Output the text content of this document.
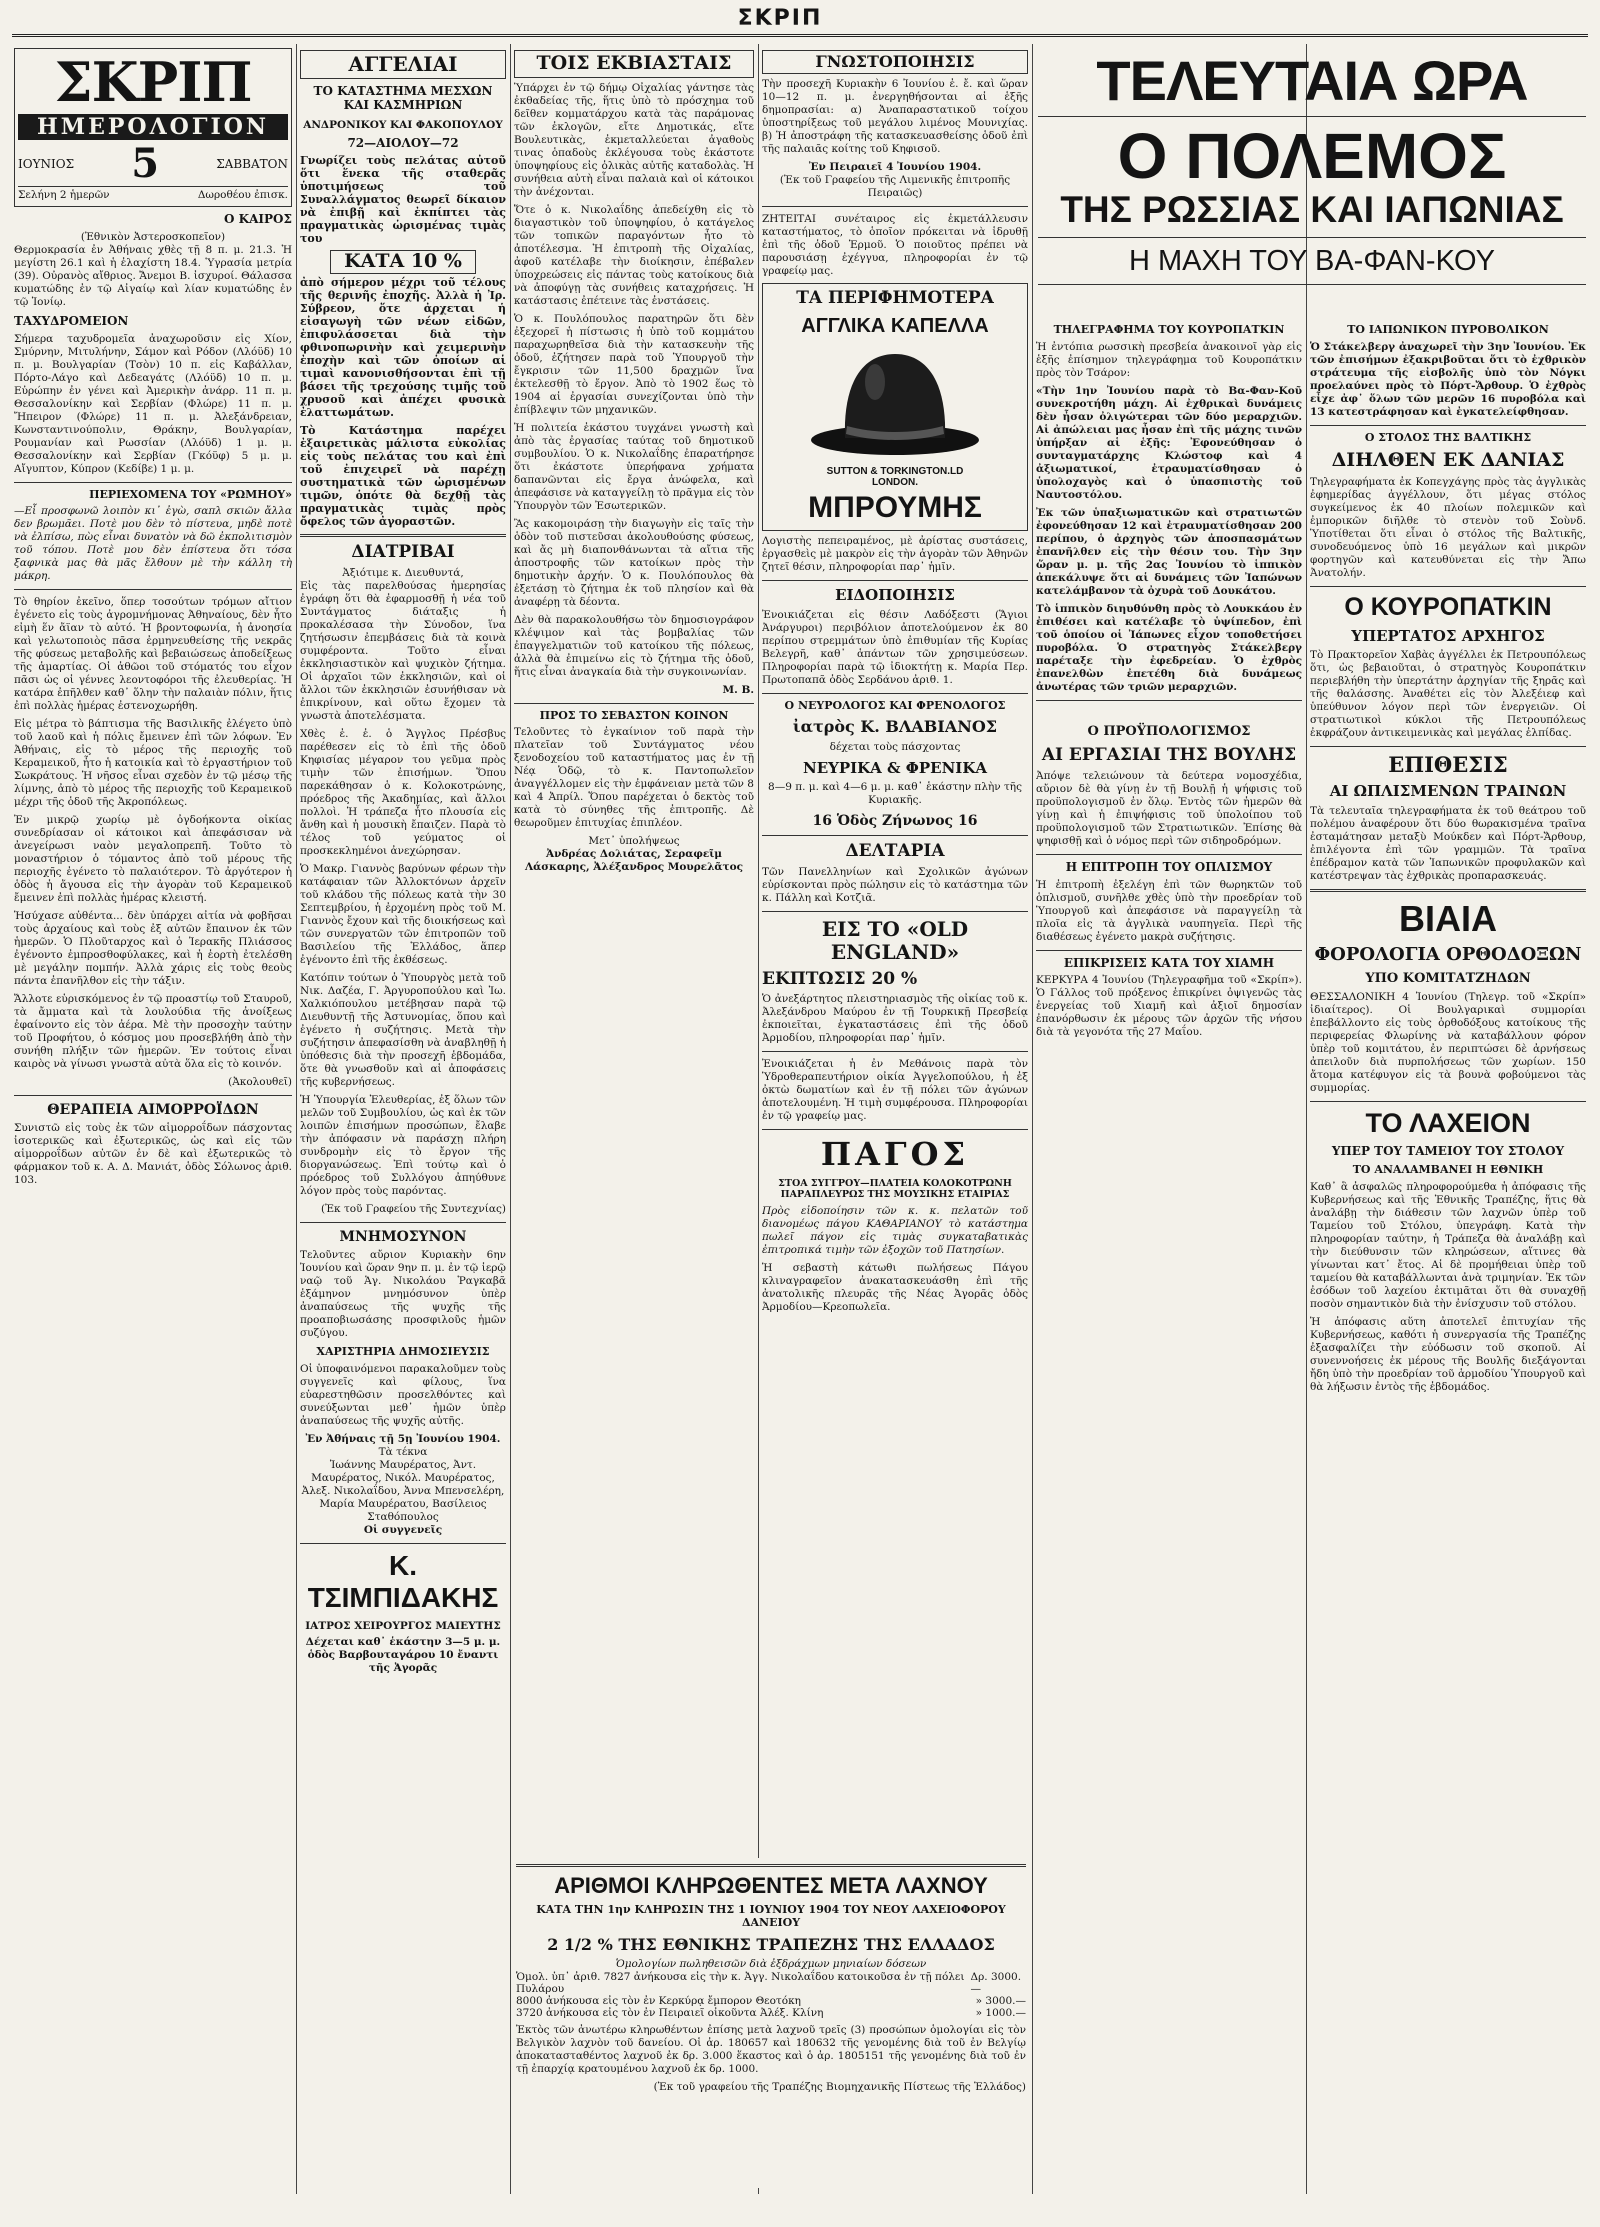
ΣΚΡΙΠ
ΣΚΡΙΠ
ΗΜΕΡΟΛΟΓΙΟΝ
ΙΟΥΝΙΟΣ 5	ΣΑΒΒΑΤΟΝ
Σελήνη 2 ἡμερῶν	Δωροθέου ἐπισκ.
Ο ΚΑΙΡΟΣ

(Ἐθνικὸν Ἀστεροσκοπεῖον)

Θερμοκρασία ἐν Ἀθήναις χθὲς τῇ 8 π. μ. 21.3. Ἡ μεγίστη 26.1 καὶ ἡ ἐλαχίστη 18.4. Ὑγρασία μετρία (39). Οὐρανὸς αἴθριος. Ἄνεμοι Β. ἰσχυροί. Θάλασσα κυματώδης ἐν τῷ Αἰγαίῳ καὶ λίαν κυματώδης ἐν τῷ Ἰονίῳ.

ΤΑΧΥΔΡΟΜΕΙΟΝ

Σήμερα ταχυδρομεῖα ἀναχωροῦσιν εἰς Χίον, Σμύρνην, Μιτυλήνην, Σάμον καὶ Ρόδον (Λλόϋδ) 10 π. μ. Βουλγαρίαν (Τσὸν) 10 π. εἰς Καβάλλαν, Πόρτο-Λάγο καὶ Δεδεαγάτς (Λλόϋδ) 10 π. μ. Εὐρώπην ἐν γένει καὶ Ἀμερικὴν ἀνάρρ. 11 π. μ. Θεσσαλονίκην καὶ Σερβίαν (Φλώρε) 11 π. μ. Ἤπειρον (Φλώρε) 11 π. μ. Ἀλεξάνδρειαν, Κωνσταντινούπολιν, Θράκην, Βουλγαρίαν, Ρουμανίαν καὶ Ρωσσίαν (Λλόϋδ) 1 μ. μ. Θεσσαλονίκην καὶ Σερβίαν (Γκόϋφ) 5 μ. μ. Αἴγυπτον, Κύπρον (Κεδίβε) 1 μ. μ.

ΠΕΡΙΕΧΟΜΕΝΑ ΤΟΥ «ΡΩΜΗΟΥ»

—Εἶ προσφωνῶ λοιπὸν κι᾽ ἐγὼ, σαπλ σκιῶν ἄλλα δεν βρωμᾶει. Ποτὲ μου δὲν τὸ πίστευα, μηδὲ ποτὲ νὰ ἐλπίσω, πὼς εἶναι δυνατὸν νὰ δῶ ἐκπολιτισμὸν τοῦ τόπου. Ποτὲ μου δὲν ἐπίστευα ὅτι τόσα ξαφνικὰ μας θὰ μᾶς ἔλθουν μὲ τὴν κάλλη τὴ μάκρη.

Τὸ θηρίον ἐκεῖνο, ὅπερ τοσούτων τρόμων αἴτιον ἐγένετο εἰς τοὺς ἀγρομνήμονας Ἀθηναίους, δὲν ἦτο εἰμὴ ἕν ἄϊαν τὸ αὐτό. Ἡ βροντοφωνία, ἡ ἀνοησία καὶ γελωτοποιὸς πᾶσα ἐρμηνευθείσης τῆς νεκρᾶς τῆς φύσεως μεταβολῆς καὶ βεβαιώσεως ἀποδείξεως τῆς ἁμαρτίας. Οἱ ἀθῶοι τοῦ στόματός του εἶχον πᾶσι ὡς οἱ γέννες λεοντοφόροι τῆς ἐλευθερίας. Ἡ κατάρα ἐπῆλθεν καθ᾽ ὅλην τὴν παλαιὰν πόλιν, ἥτις ἐπὶ πολλὰς ἡμέρας ἐστενοχωρήθη.

Εἰς μέτρα τὸ βάπτισμα τῆς Βασιλικῆς ἐλέγετο ὑπὸ τοῦ λαοῦ καὶ ἡ πόλις ἔμεινεν ἐπὶ τῶν λόφων. Ἐν Ἀθήναις, εἰς τὸ μέρος τῆς περιοχῆς τοῦ Κεραμεικοῦ, ἦτο ἡ κατοικία καὶ τὸ ἐργαστήριον τοῦ Σωκράτους. Ἡ νῆσος εἶναι σχεδὸν ἐν τῷ μέσῳ τῆς λίμνης, ἀπὸ τὸ μέρος τῆς περιοχῆς τοῦ Κεραμεικοῦ μέχρι τῆς ὁδοῦ τῆς Ἀκροπόλεως.

Ἐν μικρῷ χωρίῳ μὲ ὀγδοήκοντα οἰκίας συνεδρίασαν οἱ κάτοικοι καὶ ἀπεφάσισαν νὰ ἀνεγείρωσι ναὸν μεγαλοπρεπῆ. Τοῦτο τὸ μοναστήριον ὁ τόμαντος ἀπὸ τοῦ μέρους τῆς περιοχῆς ἐγένετο τὸ παλαιότερον. Τὸ ἀργότερον ἡ ὁδὸς ἡ ἄγουσα εἰς τὴν ἀγορὰν τοῦ Κεραμεικοῦ ἔμεινεν ἐπὶ πολλὰς ἡμέρας κλειστή.

Ἡσύχασε αὐθέντα... δὲν ὑπάρχει αἰτία νὰ φοβῆσαι τοὺς ἀρχαίους καὶ τοὺς ἐξ αὐτῶν ἔπαινον ἐκ τῶν ἡμερῶν. Ὁ Πλοῦταρχος καὶ ὁ Ἰερακῆς Πλιάσσος ἐγένοντο ἐμπροσθοφύλακες, καὶ ἡ ἑορτὴ ἐτελέσθη μὲ μεγάλην πομπήν. Ἀλλὰ χάρις εἰς τοὺς θεοὺς πάντα ἐπανῆλθον εἰς τὴν τάξιν.

Ἄλλοτε εὑρισκόμενος ἐν τῷ προαστίῳ τοῦ Σταυροῦ, τὰ ἄμματα καὶ τὰ λουλούδια τῆς ἀνοίξεως ἐφαίνοντο εἰς τὸν ἀέρα. Μὲ τὴν προσοχὴν ταύτην τοῦ Προφήτου, ὁ κόσμος μου προσεβλήθη ἀπὸ τὴν συνήθη πλήξιν τῶν ἡμερῶν. Ἐν τούτοις εἶναι καιρὸς νὰ γίνωσι γνωστὰ αὐτὰ ὅλα εἰς τὸ κοινόν.

(Ἀκολουθεῖ)

ΘΕΡΑΠΕΙΑ ΑΙΜΟΡΡΟΪΔΩΝ

Συνιστῶ εἰς τοὺς ἐκ τῶν αἱμορροΐδων πάσχοντας ἰσοτερικῶς καὶ ἐξωτερικῶς, ὡς καὶ εἰς τῶν αἱμορροΐδων αὐτῶν ἐν δὲ καὶ ἐξωτερικῶς τὸ φάρμακον τοῦ κ. Α. Δ. Μανιάτ, ὁδὸς Σόλωνος ἀριθ. 103.

ΑΓΓΕΛΙΑΙ
ΤΟ ΚΑΤΑΣΤΗΜΑ ΜΕΣΧΩΝ ΚΑΙ ΚΑΣΜΗΡΙΩΝ
ΑΝΔΡΟΝΙΚΟΥ ΚΑΙ ΦΑΚΟΠΟΥΛΟΥ
72—ΑΙΟΛΟΥ—72

Γνωρίζει τοὺς πελάτας αὐτοῦ ὅτι ἕνεκα τῆς σταθερᾶς ὑποτιμήσεως τοῦ Συναλλάγματος θεωρεῖ δίκαιον νὰ ἐπιβῇ καὶ ἐκπίπτει τὰς πραγματικὰς ὡρισμένας τιμὰς του

ΚΑΤΑ 10 %

ἀπὸ σήμερον μέχρι τοῦ τέλους τῆς θερινῆς ἐποχῆς. Ἀλλὰ ἡ Ἰρ. Σύβρεον, ὅτε ἀρχεται ἡ εἰσαγωγὴ τῶν νέων εἰδῶν, ἐπιφυλάσσεται διὰ τὴν φθινοπωρινὴν καὶ χειμερινὴν ἐποχὴν καὶ τῶν ὁποίων αἱ τιμαὶ κανονισθήσονται ἐπὶ τῇ βάσει τῆς τρεχούσης τιμῆς τοῦ χρυσοῦ καὶ ἀπέχει φυσικὰ ἐλαττωμάτων.

Τὸ Κατάστημα παρέχει ἐξαιρετικὰς μάλιστα εὐκολίας εἰς τοὺς πελάτας του καὶ ἐπὶ τοῦ ἐπιχειρεῖ νὰ παρέχῃ συστηματικὰ τῶν ὡρισμένων τιμῶν, ὁπότε θὰ δεχθῇ τὰς πραγματικὰς τιμὰς πρὸς ὄφελος τῶν ἀγοραστῶν.

ΔΙΑΤΡΙΒΑΙ

Ἀξιότιμε κ. Διευθυντά,

Εἰς τὰς παρελθούσας ἡμερησίας ἐγράφη ὅτι θὰ ἐφαρμοσθῇ ἡ νέα τοῦ Συντάγματος διάταξις ἡ προκαλέσασα τὴν Σύνοδον, ἵνα ζητήσωσιν ἐπεμβάσεις διὰ τὰ κοινὰ συμφέροντα. Τοῦτο εἶναι ἐκκλησιαστικὸν καὶ ψυχικὸν ζήτημα. Οἱ ἀρχαῖοι τῶν ἐκκλησιῶν, καὶ οἱ ἄλλοι τῶν ἐκκλησιῶν ἐσυνήθισαν νὰ ἐπικρίνουν, καὶ οὕτω ἔχομεν τὰ γνωστὰ ἀποτελέσματα.

Χθὲς ἐ. ἐ. ὁ Ἄγγλος Πρέσβυς παρέθεσεν εἰς τὸ ἐπὶ τῆς ὁδοῦ Κηφισίας μέγαρον του γεῦμα πρὸς τιμὴν τῶν ἐπισήμων. Ὅπου παρεκάθησαν ὁ κ. Κολοκοτρώνης, πρόεδρος τῆς Ἀκαδημίας, καὶ ἄλλοι πολλοὶ. Ἡ τράπεζα ἦτο πλουσία εἰς ἄνθη καὶ ἡ μουσικὴ ἔπαιζεν. Παρὰ τὸ τέλος τοῦ γεύματος οἱ προσκεκλημένοι ἀνεχώρησαν.

Ὁ Μακρ. Γιαννὸς βαρύνων φέρων τὴν κατάφαιαν τῶν Ἀλλοκτόνων ἀρχεῖν τοῦ κλάδου τῆς πόλεως κατὰ τὴν 30 Σεπτεμβρίου, ἡ ἐρχομένη πρὸς τοῦ Μ. Γιαννὸς ἔχουν καὶ τῆς διοικήσεως καὶ τῶν συνεργατῶν τῶν ἐπιτροπῶν τοῦ Βασιλείου τῆς Ἑλλάδος, ἅπερ ἐγένοντο ἐπὶ τῆς ἐκθέσεως.

Κατόπιν τούτων ὁ Ὑπουργὸς μετὰ τοῦ Νικ. Δαζέα, Γ. Ἀργυροπούλου καὶ Ἰω. Χαλκιόπουλου μετέβησαν παρὰ τῷ Διευθυντῇ τῆς Ἀστυνομίας, ὅπου καὶ ἐγένετο ἡ συζήτησις. Μετὰ τὴν συζήτησιν ἀπεφασίσθη νὰ ἀναβληθῇ ἡ ὑπόθεσις διὰ τὴν προσεχῆ ἑβδομάδα, ὅτε θὰ γνωσθοῦν καὶ αἱ ἀποφάσεις τῆς κυβερνήσεως.

Ἡ Ὑπουργία Ἐλευθερίας, ἐξ ὅλων τῶν μελῶν τοῦ Συμβουλίου, ὡς καὶ ἐκ τῶν λοιπῶν ἐπισήμων προσώπων, ἔλαβε τὴν ἀπόφασιν νὰ παράσχῃ πλήρη συνδρομὴν εἰς τὸ ἔργον τῆς διοργανώσεως. Ἐπὶ τούτῳ καὶ ὁ πρόεδρος τοῦ Συλλόγου ἀπηύθυνε λόγον πρὸς τοὺς παρόντας.

(Ἐκ τοῦ Γραφείου τῆς Συντεχνίας)

ΜΝΗΜΟΣΥΝΟΝ

Τελοῦντες αὔριον Κυριακὴν 6ην Ἰουνίου καὶ ὥραν 9ην π. μ. ἐν τῷ ἱερῷ ναῷ τοῦ Ἁγ. Νικολάου Ῥαγκαβᾶ ἑξάμηνον μνημόσυνον ὑπὲρ ἀναπαύσεως τῆς ψυχῆς τῆς προαποβιωσάσης προσφιλοῦς ἡμῶν συζύγου.

ΧΑΡΙΣΤΗΡΙΑ ΔΗΜΟΣΙΕΥΣΙΣ

Οἱ ὑποφαινόμενοι παρακαλοῦμεν τοὺς συγγενεῖς καὶ φίλους, ἵνα εὐαρεστηθῶσιν προσελθόντες καὶ συνεύξωνται μεθ᾽ ἡμῶν ὑπὲρ ἀναπαύσεως τῆς ψυχῆς αὐτῆς.

Ἐν Ἀθήναις τῇ 5ῃ Ἰουνίου 1904.

Τὰ τέκνα

Ἰωάννης Μαυρέρατος, Ἀντ. Μαυρέρατος, Νικόλ. Μαυρέρατος, Ἀλεξ. Νικολαΐδου, Ἀννα Μπενσελέρη, Μαρία Μαυρέρατου, Βασίλειος Σταθόπουλος

Οἱ συγγενεῖς

Κ. ΤΣΙΜΠΙΔΑΚΗΣ
ΙΑΤΡΟΣ ΧΕΙΡΟΥΡΓΟΣ ΜΑΙΕΥΤΗΣ

Δέχεται καθ᾽ ἑκάστην 3—5 μ. μ. ὁδὸς Βαρβουταγάρου 10 ἔναντι τῆς Ἀγορᾶς

ΤΟΙΣ ΕΚΒΙΑΣΤΑΙΣ

Ὑπάρχει ἐν τῷ δήμῳ Οἰχαλίας γάντησε τὰς ἐκθαδείας τῆς, ἥτις ὑπὸ τὸ πρόσχημα τοῦ δεῖθεν κομματάρχου κατὰ τὰς παράμονας τῶν ἐκλογῶν, εἴτε Δημοτικάς, εἴτε Βουλευτικὰς, ἐκμεταλλεύεται ἀγαθοὺς τινας ὁπαδοὺς ἐκλέγουσα τοὺς ἐκάστοτε ὑποψηφίους εἰς ὁλικὰς αὐτῆς καταδολὰς. Ἡ συνήθεια αὐτὴ εἶναι παλαιὰ καὶ οἱ κάτοικοι τὴν ἀνέχονται.

Ὅτε ὁ κ. Νικολαΐδης ἀπεδείχθη εἰς τὸ διαγαστικὸν τοῦ ὑποψηφίου, ὁ κατάγελος τῶν τοπικῶν παραγόντων ἦτο τὸ ἀποτέλεσμα. Ἡ ἐπιτροπὴ τῆς Οἰχαλίας, ἀφοῦ κατέλαβε τὴν διοίκησιν, ἐπέβαλεν ὑποχρεώσεις εἰς πάντας τοὺς κατοίκους διὰ νὰ ἀποφύγῃ τὰς συνήθεις καταχρήσεις. Ἡ κατάστασις ἐπέτεινε τὰς ἐνστάσεις.

Ὁ κ. Πουλόπουλος παρατηρῶν ὅτι δὲν ἐξεχορεῖ ἡ πίστωσις ἡ ὑπὸ τοῦ κομμάτου παραχωρηθεῖσα διὰ τὴν κατασκευὴν τῆς ὁδοῦ, ἐζήτησεν παρὰ τοῦ Ὑπουργοῦ τὴν ἔγκρισιν τῶν 11,500 δραχμῶν ἵνα ἐκτελεσθῇ τὸ ἔργον. Ἀπὸ τὸ 1902 ἕως τὸ 1904 αἱ ἐργασίαι συνεχίζονται ὑπὸ τὴν ἐπίβλεψιν τῶν μηχανικῶν.

Ἡ πολιτεία ἐκάστου τυγχάνει γνωστὴ καὶ ἀπὸ τὰς ἐργασίας ταύτας τοῦ δημοτικοῦ συμβουλίου. Ὁ κ. Νικολαΐδης ἐπαρατήρησε ὅτι ἐκάστοτε ὑπερήφανα χρήματα δαπανῶνται εἰς ἔργα ἀνώφελα, καὶ ἀπεφάσισε νὰ καταγγείλῃ τὸ πρᾶγμα εἰς τὸν Ὑπουργὸν τῶν Ἐσωτερικῶν.

Ἂς κακομοιράσῃ τὴν διαγωγὴν εἰς ταῖς τὴν ὁδὸν τοῦ πιστεῦσαι ἀκολουθούσης φύσεως, καὶ ἄς μὴ διαπονθάνωνται τὰ αἴτια τῆς ἀποστροφῆς τῶν κατοίκων πρὸς τὴν δημοτικὴν ἀρχήν. Ὁ κ. Πουλόπουλος θὰ ἐξετάσῃ τὸ ζήτημα ἐκ τοῦ πλησίον καὶ θὰ ἀναφέρῃ τὰ δέοντα.

Δὲν θὰ παρακολουθήσω τὸν δημοσιογράφον κλέψιμον καὶ τὰς βομβαλίας τῶν ἐπαγγελματιῶν τοῦ κατοίκου τῆς πόλεως, ἀλλὰ θὰ ἐπιμείνω εἰς τὸ ζήτημα τῆς ὁδοῦ, ἥτις εἶναι ἀναγκαία διὰ τὴν συγκοινωνίαν.

Μ. Β.

ΠΡΟΣ ΤΟ ΣΕΒΑΣΤΟΝ ΚΟΙΝΟΝ

Τελοῦντες τὸ ἐγκαίνιον τοῦ παρὰ τὴν πλατεῖαν τοῦ Συντάγματος νέου ξενοδοχείου τοῦ καταστήματος μας ἐν τῇ Νέᾳ Ὁδῷ, τὸ κ. Παντοπωλεῖον ἀναγγέλλομεν εἰς τὴν ἐμφάνειαν μετὰ τῶν 8 καὶ 4 Ἀπρίλ. Ὅπου παρέχεται ὁ δεκτὸς τοῦ κατὰ τὸ σύνηθες τῆς ἐπιτροπῆς. Δὲ θεωροῦμεν ἐπιτυχίας ἐπιπλέον.

Μετ᾽ ὑπολήψεως

Ἀνδρέας Δολιάτας, Σεραφεῖμ Λάσκαρης, Ἀλέξανδρος Μουρελᾶτος

ΓΝΩΣΤΟΠΟΙΗΣΙΣ

Τὴν προσεχῆ Κυριακὴν 6 Ἰουνίου ἐ. ἔ. καὶ ὥραν 10—12 π. μ. ἐνεργηθήσονται αἱ ἑξῆς δημοπρασίαι: α) Ἀναπαραστατικοῦ τοίχου ὑποστηρίξεως τοῦ μεγάλου λιμένος Μουνιχίας. β) Ἡ ἀποστράφη τῆς κατασκευασθείσης ὁδοῦ ἐπὶ τῆς παλαιᾶς κοίτης τοῦ Κηφισοῦ.

Ἐν Πειραιεῖ 4 Ἰουνίου 1904.

(Ἐκ τοῦ Γραφείου τῆς Λιμενικῆς ἐπιτροπῆς Πειραιῶς)

ΖΗΤΕΙΤΑΙ συνέταιρος εἰς ἐκμετάλλευσιν καταστήματος, τὸ ὁποῖον πρόκειται νὰ ἱδρυθῇ ἐπὶ τῆς ὁδοῦ Ἑρμοῦ. Ὁ ποιοῦτος πρέπει νὰ παρουσιάσῃ ἐχέγγυα, πληροφορίαι ἐν τῷ γραφείῳ μας.

ΤΑ ΠΕΡΙΦΗΜΟΤΕΡΑ
ΑΓΓΛΙΚΑ ΚΑΠΕΛΛΑ
SUTTON & TORKINGTON.LD
LONDON.
ΜΠΡΟΥΜΗΣ

Λογιστὴς πεπειραμένος, μὲ ἀρίστας συστάσεις, ἐργασθεὶς μὲ μακρὸν εἰς τὴν ἀγορὰν τῶν Ἀθηνῶν ζητεῖ θέσιν, πληροφορίαι παρ᾽ ἡμῖν.

ΕΙΔΟΠΟΙΗΣΙΣ

Ἐνοικιάζεται εἰς θέσιν Λαδόξεστι (Ἅγιοι Ἀνάργυροι) περιβόλιον ἀποτελούμενον ἐκ 80 περίπου στρεμμάτων ὑπὸ ἐπιθυμίαν τῆς Κυρίας Βελεγρῆ, καθ᾽ ἁπάντων τῶν χρησιμεύσεων. Πληροφορίαι παρὰ τῷ ἰδιοκτήτῃ κ. Μαρία Περ. Πρωτοπαπᾶ ὁδὸς Σερδάνου ἀριθ. 1.

Ο ΝΕΥΡΟΛΟΓΟΣ ΚΑΙ ΦΡΕΝΟΛΟΓΟΣ
ἰατρὸς Κ. ΒΛΑΒΙΑΝΟΣ

δέχεται τοὺς πάσχοντας

ΝΕΥΡΙΚΑ & ΦΡΕΝΙΚΑ

8—9 π. μ. καὶ 4—6 μ. μ. καθ᾽ ἑκάστην πλὴν τῆς Κυριακῆς.

16 Ὁδὸς Ζήνωνος 16
ΔΕΛΤΑΡΙΑ

Τῶν Πανελληνίων καὶ Σχολικῶν ἀγώνων εὑρίσκονται πρὸς πώλησιν εἰς τὸ κατάστημα τῶν κ. Πάλλη καὶ Κοτζιᾶ.

ΕΙΣ ΤΟ «OLD ENGLAND»
ΕΚΠΤΩΣΙΣ 20 %

Ὁ ἀνεξάρτητος πλειστηριασμὸς τῆς οἰκίας τοῦ κ. Ἀλεξάνδρου Μαύρου ἐν τῇ Τουρκικῇ Πρεσβείᾳ ἐκποιεῖται, ἐγκαταστάσεις ἐπὶ τῆς ὁδοῦ Ἀρμοδίου, πληροφορίαι παρ᾽ ἡμῖν.

Ἐνοικιάζεται ἡ ἐν Μεθάνοις παρὰ τὸν Ὑδροθεραπευτήριον οἰκία Ἀγγελοπούλου, ἡ ἐξ ὀκτὼ δωματίων καὶ ἐν τῇ πόλει τῶν ἀγώνων ἀποτελουμένη. Ἡ τιμὴ συμφέρουσα. Πληροφορίαι ἐν τῷ γραφείῳ μας.

ΠΑΓΟΣ
ΣΤΟΑ ΣΥΓΓΡΟΥ—ΠΛΑΤΕΙΑ ΚΟΛΟΚΟΤΡΩΝΗ ΠΑΡΑΠΛΕΥΡΩΣ ΤΗΣ ΜΟΥΣΙΚΗΣ ΕΤΑΙΡΙΑΣ

Πρὸς εἰδοποίησιν τῶν κ. κ. πελατῶν τοῦ διανομέως πάγου ΚΑΘΑΡΙΑΝΟΥ τὸ κατάστημα πωλεῖ πάγον εἰς τιμὰς συγκαταβατικὰς ἐπιτροπικά τιμὴν τῶν ἐξοχῶν τοῦ Πατησίων.

Ἡ σεβαστὴ κάτωθι πωλήσεως Πάγου κλιναγραφεῖον ἀνακατασκευάσθη ἐπὶ τῆς ἀνατολικῆς πλευρᾶς τῆς Νέας Ἀγορᾶς ὁδὸς Ἀρμοδίου—Κρεοπωλεῖα.

ΑΡΙΘΜΟΙ ΚΛΗΡΩΘΕΝΤΕΣ ΜΕΤΑ ΛΑΧΝΟΥ
ΚΑΤΑ ΤΗΝ 1ην ΚΛΗΡΩΣΙΝ ΤΗΣ 1 ΙΟΥΝΙΟΥ 1904 ΤΟΥ ΝΕΟΥ ΛΑΧΕΙΟΦΟΡΟΥ ΔΑΝΕΙΟΥ
2 1/2 % ΤΗΣ ΕΘΝΙΚΗΣ ΤΡΑΠΕΖΗΣ ΤΗΣ ΕΛΛΑΔΟΣ

Ὁμολογίων πωληθεισῶν διὰ ἐξδράχμων μηνιαίων δόσεων

Ὁμολ. ὑπ᾽ ἀριθ. 7827 ἀνήκουσα εἰς τὴν κ. Ἀγγ. Νικολαΐδου κατοικοῦσα ἐν τῇ πόλει Πυλάρου
Δρ. 3000.—
8000 ἀνήκουσα εἰς τὸν ἐν Κερκύρᾳ ἔμπορον Θεοτόκη	» 3000.—
3720 ἀνήκουσα εἰς τὸν ἐν Πειραιεῖ οἰκοῦντα Ἀλέξ. Κλίνη	» 1000.—

Ἐκτὸς τῶν ἀνωτέρω κληρωθέντων ἐπίσης μετὰ λαχνοῦ τρεῖς (3) προσώπων ὁμολογίαι εἰς τὸν Βελγικὸν λαχνὸν τοῦ δανείου. Οἱ ἀρ. 180657 καὶ 180632 τῆς γενομένης διὰ τοῦ ἐν Βελγίῳ ἀποκατασταθέντος λαχνοῦ ἐκ δρ. 3.000 ἕκαστος καὶ ὁ ἀρ. 1805151 τῆς γενομένης διὰ τοῦ ἐν τῇ ἐπαρχίᾳ κρατουμένου λαχνοῦ ἐκ δρ. 1000.

(Ἐκ τοῦ γραφείου τῆς Τραπέζης Βιομηχανικῆς Πίστεως τῆς Ἑλλάδος)

ΤΕΛΕΥΤΑΙΑ ΩΡΑ
Ο ΠΟΛΕΜΟΣ
ΤΗΣ ΡΩΣΣΙΑΣ ΚΑΙ ΙΑΠΩΝΙΑΣ
Η ΜΑΧΗ ΤΟΥ ΒΑ-ΦΑΝ-ΚΟΥ
ΤΗΛΕΓΡΑΦΗΜΑ ΤΟΥ ΚΟΥΡΟΠΑΤΚΙΝ

Ἡ ἐντόπια ρωσσικὴ πρεσβεία ἀνακοινοῖ γὰρ εἰς ἑξῆς ἐπίσημον τηλεγράφημα τοῦ Κουροπάτκιν πρὸς τὸν Τσάρον:

«Τὴν 1ην Ἰουνίου παρὰ τὸ Βα-Φαν-Κοῦ συνεκροτήθη μάχη. Αἱ ἐχθρικαὶ δυνάμεις δὲν ἦσαν ὀλιγώτεραι τῶν δύο μεραρχιῶν. Αἱ ἀπώλειαι μας ἦσαν ἐπὶ τῆς μάχης τινῶν ὑπήρξαν αἱ ἑξῆς: Ἐφονεύθησαν ὁ συνταγματάρχης Κλώστοφ καὶ 4 ἀξιωματικοί, ἐτραυματίσθησαν ὁ ὑπολοχαγὸς καὶ ὁ ὑπασπιστὴς τοῦ Ναυτοστόλου.

Ἐκ τῶν ὑπαξιωματικῶν καὶ στρατιωτῶν ἐφονεύθησαν 12 καὶ ἐτραυματίσθησαν 200 περίπου, ὁ ἀρχηγὸς τῶν ἀποσπασμάτων ἐπανῆλθεν εἰς τὴν θέσιν του. Τὴν 3ην ὥραν μ. μ. τῆς 2ας Ἰουνίου τὸ ἱππικὸν ἀπεκάλυψε ὅτι αἱ δυνάμεις τῶν Ἰαπώνων κατελάμβανον τὰ ὀχυρὰ τοῦ Δουκάτου.

Τὸ ἱππικὸν διηυθύνθη πρὸς τὸ Λουκκάου ἐν ἐπιθέσει καὶ κατέλαβε τὸ ὑψίπεδον, ἐπὶ τοῦ ὁποίου οἱ Ἰάπωνες εἶχον τοποθετήσει πυροβόλα. Ὁ στρατηγὸς Στάκελβεργ παρέταξε τὴν ἐφεδρείαν. Ὁ ἐχθρὸς ἐπανελθὼν ἐπετέθη διὰ δυνάμεως ἀνωτέρας τῶν τριῶν μεραρχιῶν.

Ο ΠΡΟΫΠΟΛΟΓΙΣΜΟΣ
ΑΙ ΕΡΓΑΣΙΑΙ ΤΗΣ ΒΟΥΛΗΣ

Ἀπόψε τελειώνουν τὰ δεύτερα νομοσχέδια, αὔριον δὲ θὰ γίνῃ ἐν τῇ Βουλῇ ἡ ψήφισις τοῦ προϋπολογισμοῦ ἐν ὅλῳ. Ἐντὸς τῶν ἡμερῶν θὰ γίνῃ καὶ ἡ ἐπιψήφισις τοῦ ὑπολοίπου τοῦ προϋπολογισμοῦ τῶν Στρατιωτικῶν. Ἐπίσης θὰ ψηφισθῇ καὶ ὁ νόμος περὶ τῶν σιδηροδρόμων.

Η ΕΠΙΤΡΟΠΗ ΤΟΥ ΟΠΛΙΣΜΟΥ

Ἡ ἐπιτροπὴ ἐξελέγη ἐπὶ τῶν θωρηκτῶν τοῦ ὁπλισμοῦ, συνῆλθε χθὲς ὑπὸ τὴν προεδρίαν τοῦ Ὑπουργοῦ καὶ ἀπεφάσισε νὰ παραγγείλῃ τὰ πλοῖα εἰς τὰ ἀγγλικὰ ναυπηγεῖα. Περὶ τῆς διαθέσεως ἐγένετο μακρὰ συζήτησις.

ΕΠΙΚΡΙΣΕΙΣ ΚΑΤΑ ΤΟΥ ΧΙΑΜΗ

ΚΕΡΚΥΡΑ 4 Ἰουνίου (Τηλεγραφῆμα τοῦ «Σκρίπ»). Ὁ Γάλλος τοῦ πρόξενος ἐπικρίνει ὀψιγενῶς τὰς ἐνεργείας τοῦ Χιαμῆ καὶ ἀξιοῖ δημοσίαν ἐπανόρθωσιν ἐκ μέρους τῶν ἀρχῶν τῆς νήσου διὰ τὰ γεγονότα τῆς 27 Μαΐου.

ΤΟ ΙΑΠΩΝΙΚΟΝ ΠΥΡΟΒΟΛΙΚΟΝ

Ὁ Στάκελβεργ ἀναχωρεῖ τὴν 3ην Ἰουνίου. Ἐκ τῶν ἐπισήμων ἐξακριβοῦται ὅτι τὸ ἐχθρικὸν στράτευμα τῆς εἰσβολῆς ὑπὸ τὸν Νόγκι προελαύνει πρὸς τὸ Πόρτ-Ἄρθουρ. Ὁ ἐχθρὸς εἶχε ἀφ᾽ ὅλων τῶν μερῶν 16 πυροβόλα καὶ 13 κατεστράφησαν καὶ ἐγκατελείφθησαν.

Ο ΣΤΟΛΟΣ ΤΗΣ ΒΑΛΤΙΚΗΣ
ΔΙΗΛΘΕΝ ΕΚ ΔΑΝΙΑΣ

Τηλεγραφήματα ἐκ Κοπεγχάγης πρὸς τὰς ἀγγλικὰς ἐφημερίδας ἀγγέλλουν, ὅτι μέγας στόλος συγκείμενος ἐκ 40 πλοίων πολεμικῶν καὶ ἐμπορικῶν διῆλθε τὸ στενὸν τοῦ Σοὺνδ. Ὑποτίθεται ὅτι εἶναι ὁ στόλος τῆς Βαλτικῆς, συνοδευόμενος ὑπὸ 16 μεγάλων καὶ μικρῶν φορτηγῶν καὶ κατευθύνεται εἰς τὴν Ἄπω Ἀνατολήν.

Ο ΚΟΥΡΟΠΑΤΚΙΝ
ΥΠΕΡΤΑΤΟΣ ΑΡΧΗΓΟΣ

Τὸ Πρακτορεῖον Χαβὰς ἀγγέλλει ἐκ Πετρουπόλεως ὅτι, ὡς βεβαιοῦται, ὁ στρατηγὸς Κουροπάτκιν περιεβλήθη τὴν ὑπερτάτην ἀρχηγίαν τῆς ξηρᾶς καὶ τῆς θαλάσσης. Ἀναθέτει εἰς τὸν Ἀλεξέιεφ καὶ ὑπεύθυνον λόγον περὶ τῶν ἐνεργειῶν. Οἱ στρατιωτικοὶ κύκλοι τῆς Πετρουπόλεως ἐκφράζουν ἀντικειμενικὰς καὶ μεγάλας ἐλπίδας.

ΕΠΙΘΕΣΙΣ
ΑΙ ΩΠΛΙΣΜΕΝΩΝ ΤΡΑΙΝΩΝ

Τὰ τελευταῖα τηλεγραφήματα ἐκ τοῦ θεάτρου τοῦ πολέμου ἀναφέρουν ὅτι δύο θωρακισμένα τραῖνα ἐσταμάτησαν μεταξὺ Μούκδεν καὶ Πόρτ-Ἄρθουρ, ἐπιλέγοντα ἐπὶ τῶν γραμμῶν. Τὰ τραῖνα ἐπέδραμον κατὰ τῶν Ἰαπωνικῶν προφυλακῶν καὶ κατέστρεψαν τὰς ἐχθρικὰς προπαρασκευάς.

ΒΙΑΙΑ
ΦΟΡΟΛΟΓΙΑ ΟΡΘΟΔΟΞΩΝ
ΥΠΟ ΚΟΜΙΤΑΤΖΗΔΩΝ

ΘΕΣΣΑΛΟΝΙΚΗ 4 Ἰουνίου (Τηλεγρ. τοῦ «Σκρίπ» ἰδιαίτερος). Οἱ Βουλγαρικαὶ συμμορίαι ἐπεβάλλοντο εἰς τοὺς ὀρθοδόξους κατοίκους τῆς περιφερείας Φλωρίνης νὰ καταβάλλουν φόρον ὑπὲρ τοῦ κομιτάτου, ἐν περιπτώσει δὲ ἀρνήσεως ἀπειλοῦν διὰ πυρπολήσεως τῶν χωρίων. 150 ἄτομα κατέφυγον εἰς τὰ βουνὰ φοβούμενοι τὰς συμμορίας.

ΤΟ ΛΑΧΕΙΟΝ
ΥΠΕΡ ΤΟΥ ΤΑΜΕΙΟΥ ΤΟΥ ΣΤΟΛΟΥ
ΤΟ ΑΝΑΛΑΜΒΑΝΕΙ Η ΕΘΝΙΚΗ

Καθ᾽ ἃ ἀσφαλῶς πληροφορούμεθα ἡ ἀπόφασις τῆς Κυβερνήσεως καὶ τῆς Ἐθνικῆς Τραπέζης, ἥτις θὰ ἀναλάβῃ τὴν διάθεσιν τῶν λαχνῶν ὑπὲρ τοῦ Ταμείου τοῦ Στόλου, ὑπεγράφη. Κατὰ τὴν πληροφορίαν ταύτην, ἡ Τράπεζα θὰ ἀναλάβῃ καὶ τὴν διεύθυνσιν τῶν κληρώσεων, αἵτινες θὰ γίνωνται κατ᾽ ἔτος. Αἱ δὲ προμήθειαι ὑπὲρ τοῦ ταμείου θὰ καταβάλλωνται ἀνὰ τριμηνίαν. Ἐκ τῶν ἐσόδων τοῦ λαχείου ἐκτιμᾶται ὅτι θὰ συναχθῇ ποσὸν σημαντικὸν διὰ τὴν ἐνίσχυσιν τοῦ στόλου.

Ἡ ἀπόφασις αὕτη ἀποτελεῖ ἐπιτυχίαν τῆς Κυβερνήσεως, καθότι ἡ συνεργασία τῆς Τραπέζης ἐξασφαλίζει τὴν εὐόδωσιν τοῦ σκοποῦ. Αἱ συνεννοήσεις ἐκ μέρους τῆς Βουλῆς διεξάγονται ἤδη ὑπὸ τὴν προεδρίαν τοῦ ἁρμοδίου Ὑπουργοῦ καὶ θὰ λήξωσιν ἐντὸς τῆς ἑβδομάδος.
